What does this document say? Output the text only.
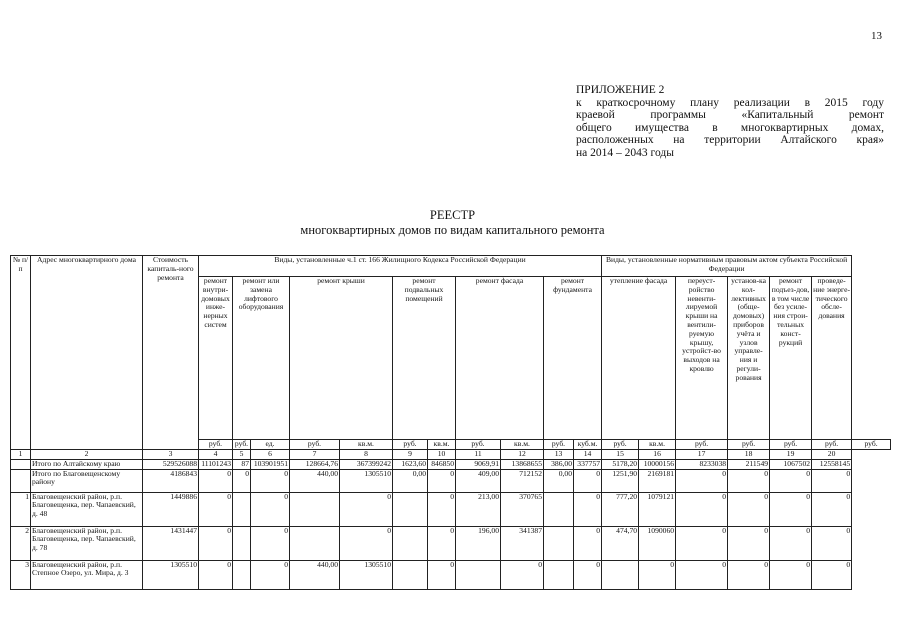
13
ПРИЛОЖЕНИЕ 2
к краткосрочному плану реализации в 2015 году
краевой программы «Капитальный ремонт
общего имущества в многоквартирных домах,
расположенных на территории Алтайского края»
на 2014 – 2043 годы
РЕЕСТР
многоквартирных домов по видам капитального ремонта
№ п/п	Адрес многоквартирного дома	Стоимость капиталь-ного ремонта	Виды, установленные ч.1 ст. 166 Жилищного Кодекса Российской Федерации											Виды, установленные нормативным правовым актом субъекта Российской Федерации						
			ремонт внутри-домовых инже-нерных систем	ремонт или замена лифтового оборудования		ремонт крыши		ремонт подвальных помещений		ремонт фасада		ремонт фундамента		утепление фасада		переуст-ройство невенти-лируемой крыши на вентили-руемую крышу, устройст-во выходов на кровлю	установ-ка кол-лективных (обще-домовых) приборов учёта и узлов управле-ния и регули-рования	ремонт подъез-дов, в том числе без усиле-ния строи-тельных конст-рукций	проведе-ние энерге-тического обсле-дования	
			руб.	руб.	ед.	руб.	кв.м.	руб.	кв.м.	руб.	кв.м.	руб.	куб.м.	руб.	кв.м.	руб.	руб.	руб.	руб.	руб.
1	2	3	4	5	6	7	8	9	10	11	12	13	14	15	16	17	18	19	20	
	Итого по Алтайскому краю	529526088	11101243	87	103901951	128664,76	367399242	1623,60	846850	9069,91	13868655	386,00	337757	5178,20	10000156	8233038	211549	1067502	12558145	
	Итого по Благовещенскому району	4186843	0	0	0	440,00	1305510	0,00	0	409,00	712152	0,00	0	1251,90	2169181	0	0	0	0	
1	Благовещенский район, р.п. Благовещенка, пер. Чапаевский, д. 48	1449886	0		0		0		0	213,00	370765		0	777,20	1079121	0	0	0	0	
2	Благовещенский район, р.п. Благовещенка, пер. Чапаевский, д. 78	1431447	0		0		0		0	196,00	341387		0	474,70	1090060	0	0	0	0	
3	Благовещенский район, р.п. Степное Озеро, ул. Мира, д. 3	1305510	0		0	440,00	1305510		0		0		0		0	0	0	0	0	
